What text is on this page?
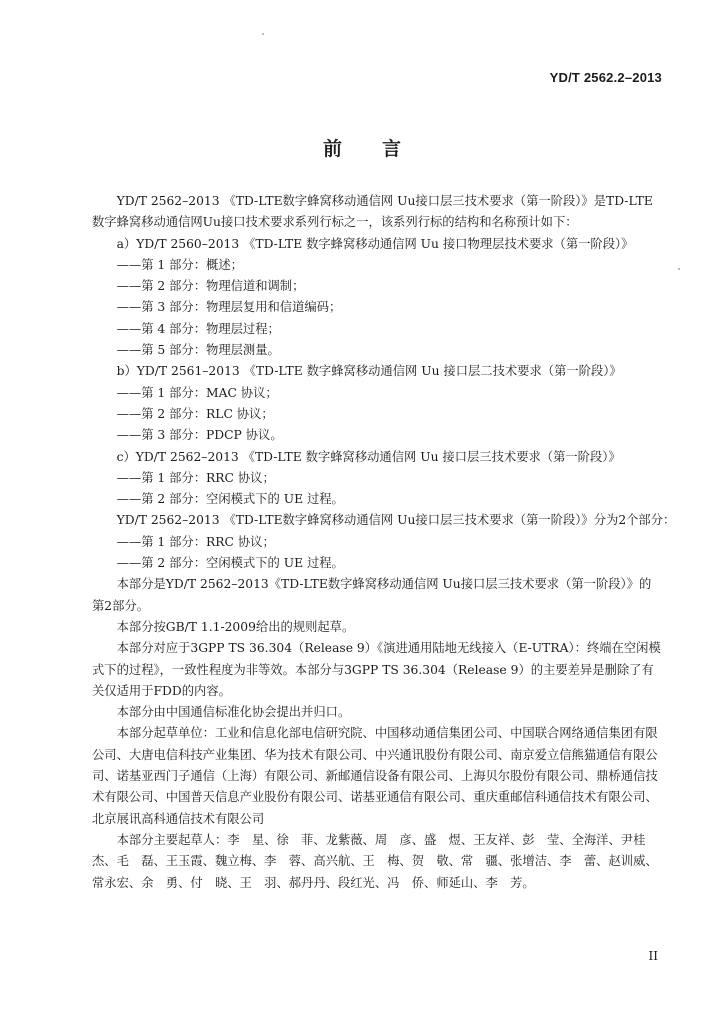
YD/T 2562.2–2013
前言

YD/T 2562–2013 《TD-LTE数字蜂窝移动通信网 Uu接口层三技术要求（第一阶段）》是TD-LTE数字蜂窝移动通信网Uu接口技术要求系列行标之一，该系列行标的结构和名称预计如下：

a）YD/T 2560–2013 《TD-LTE 数字蜂窝移动通信网 Uu 接口物理层技术要求（第一阶段）》

——第 1 部分：概述；

——第 2 部分：物理信道和调制；

——第 3 部分：物理层复用和信道编码；

——第 4 部分：物理层过程；

——第 5 部分：物理层测量。

b）YD/T 2561–2013 《TD-LTE 数字蜂窝移动通信网 Uu 接口层二技术要求（第一阶段）》

——第 1 部分：MAC 协议；

——第 2 部分：RLC 协议；

——第 3 部分：PDCP 协议。

c）YD/T 2562–2013 《TD-LTE 数字蜂窝移动通信网 Uu 接口层三技术要求（第一阶段）》

——第 1 部分：RRC 协议；

——第 2 部分：空闲模式下的 UE 过程。

YD/T 2562–2013 《TD-LTE数字蜂窝移动通信网 Uu接口层三技术要求（第一阶段）》分为2个部分：

——第 1 部分：RRC 协议；

——第 2 部分：空闲模式下的 UE 过程。

本部分是YD/T 2562–2013《TD-LTE数字蜂窝移动通信网 Uu接口层三技术要求（第一阶段）》的第2部分。

本部分按GB/T 1.1-2009给出的规则起草。

本部分对应于3GPP TS 36.304（Release 9）《演进通用陆地无线接入（E-UTRA）：终端在空闲模式下的过程》，一致性程度为非等效。本部分与3GPP TS 36.304（Release 9）的主要差异是删除了有关仅适用于FDD的内容。

本部分由中国通信标准化协会提出并归口。

本部分起草单位：工业和信息化部电信研究院、中国移动通信集团公司、中国联合网络通信集团有限公司、大唐电信科技产业集团、华为技术有限公司、中兴通讯股份有限公司、南京爱立信熊猫通信有限公司、诺基亚西门子通信（上海）有限公司、新邮通信设备有限公司、上海贝尔股份有限公司、鼎桥通信技术有限公司、中国普天信息产业股份有限公司、诺基亚通信有限公司、重庆重邮信科通信技术有限公司、北京展讯高科通信技术有限公司

本部分主要起草人：李　星、徐　菲、龙紫薇、周　彦、盛　煜、王友祥、彭　莹、全海洋、尹桂杰、毛　磊、王玉霞、魏立梅、李　蓉、高兴航、王　梅、贺　敬、常　疆、张增洁、李　蕾、赵训威、常永宏、余　勇、付　晓、王　羽、郝丹丹、段红光、冯　侨、师延山、李　芳。

II
